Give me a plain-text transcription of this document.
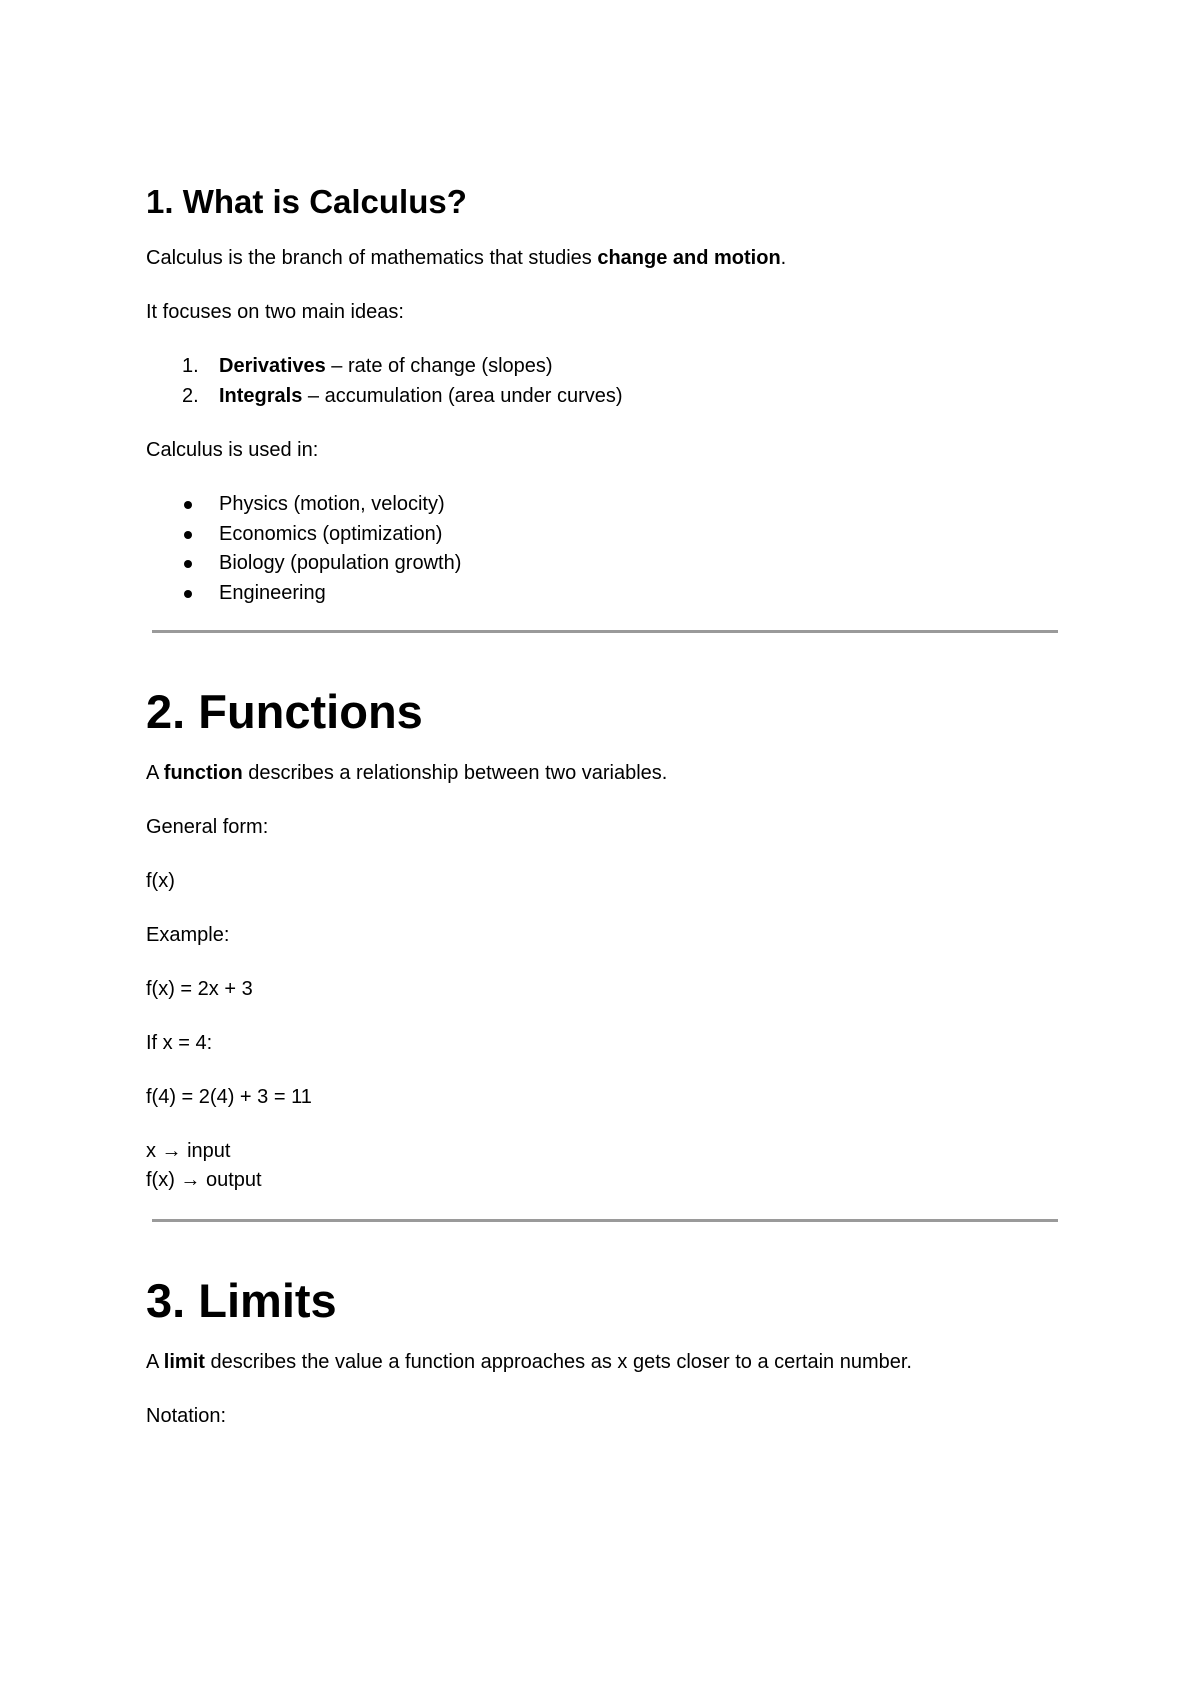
1. What is Calculus?

Calculus is the branch of mathematics that studies change and motion.

It focuses on two main ideas:

1. Derivatives – rate of change (slopes)
2. Integrals – accumulation (area under curves)

Calculus is used in:

Physics (motion, velocity)
Economics (optimization)
Biology (population growth)
Engineering
2. Functions

A function describes a relationship between two variables.

General form:

f(x)

Example:

f(x) = 2x + 3

If x = 4:

f(4) = 2(4) + 3 = 11

x → input

f(x) → output

3. Limits

A limit describes the value a function approaches as x gets closer to a certain number.

Notation:
